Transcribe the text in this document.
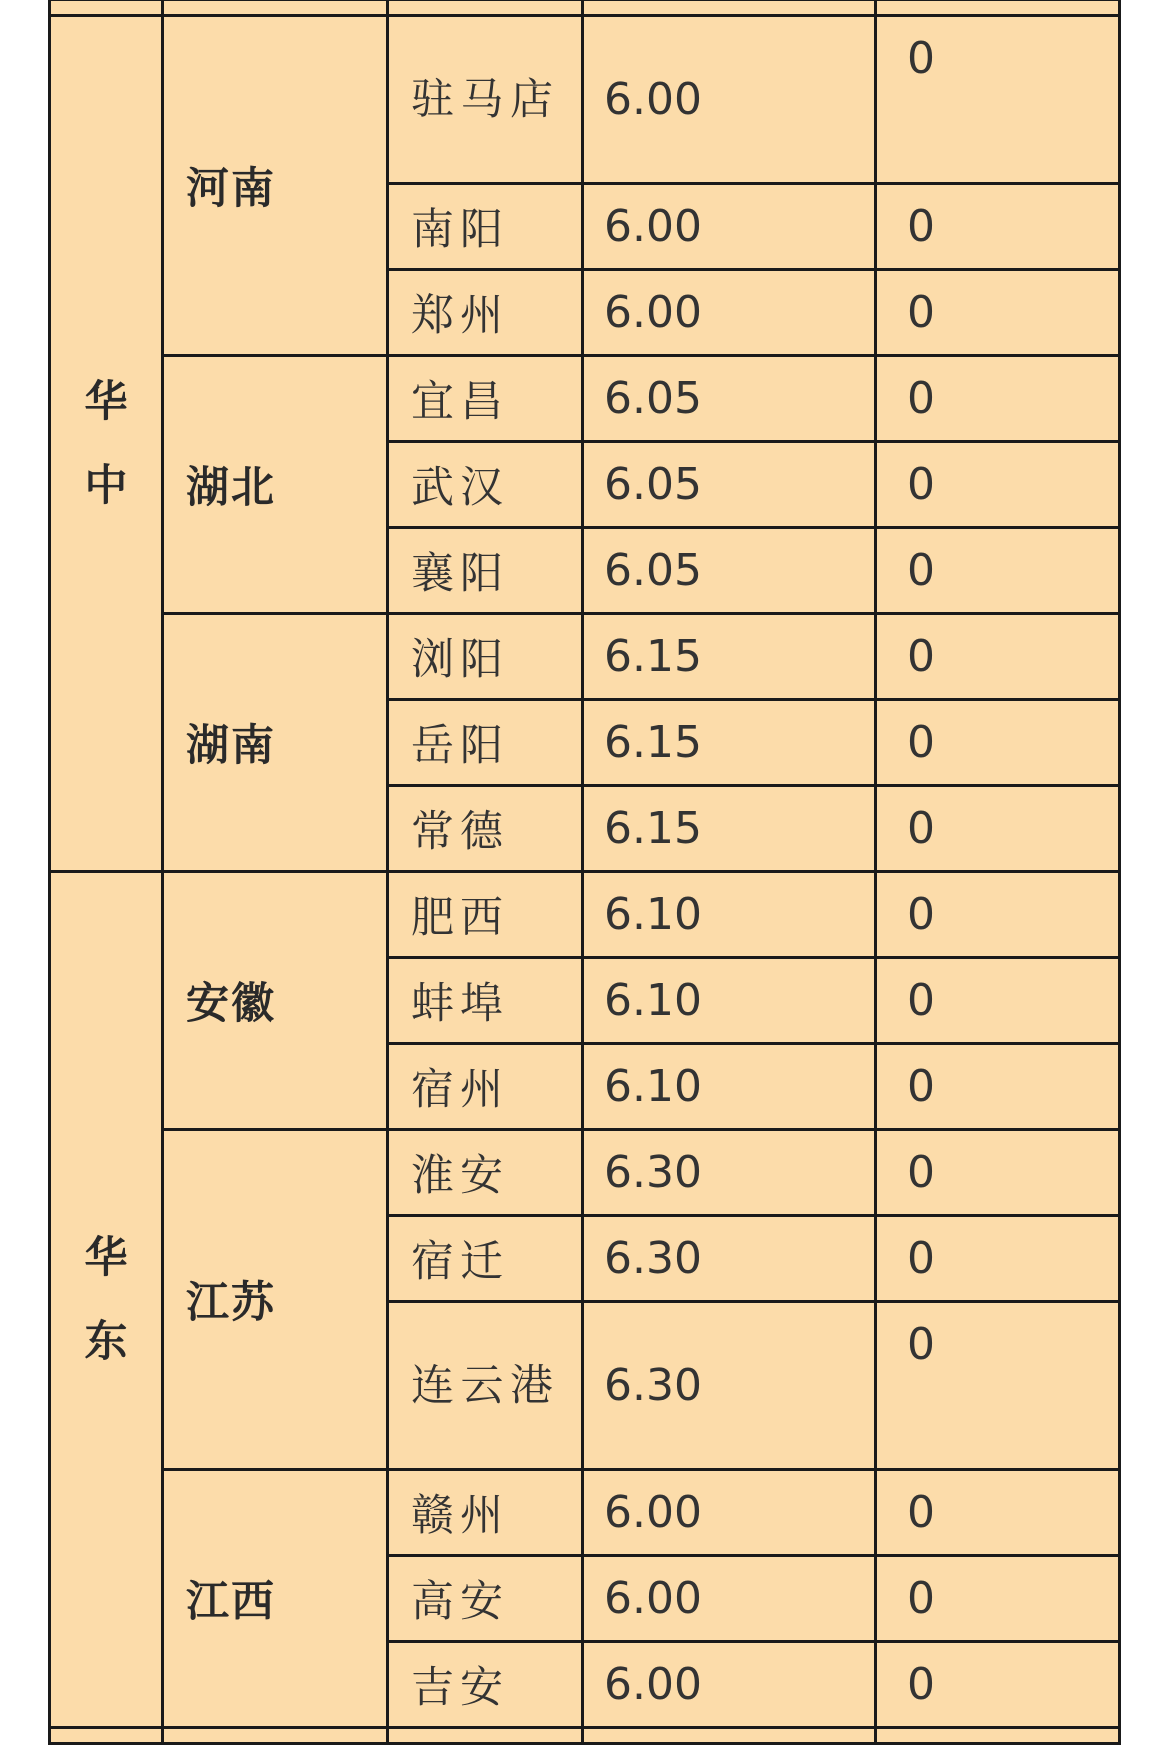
华中	河南	驻马店	6.00	0
		南阳	6.00	0
		郑州	6.00	0
	湖北	宜昌	6.05	0
		武汉	6.05	0
		襄阳	6.05	0
	湖南	浏阳	6.15	0
		岳阳	6.15	0
		常德	6.15	0
华东	安徽	肥西	6.10	0
		蚌埠	6.10	0
		宿州	6.10	0
	江苏	淮安	6.30	0
		宿迁	6.30	0
		连云港	6.30	0
	江西	赣州	6.00	0
		高安	6.00	0
		吉安	6.00	0
